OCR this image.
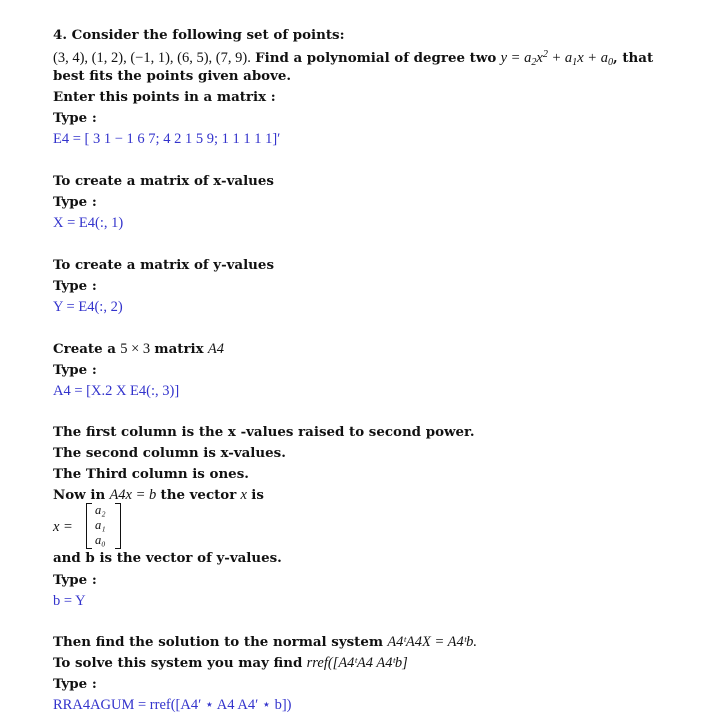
4. Consider the following set of points:
(3, 4), (1, 2), (−1, 1), (6, 5), (7, 9). Find a polynomial of degree two $y = a_2x^2 + a_1x + a_0$, that
best fits the points given above.
Enter this points in a matrix :
Type :
E4 = [ 3 1 − 1 6 7; 4 2 1 5 9; 1 1 1 1 1]′
To create a matrix of x-values
Type :
X = E4(:, 1)
To create a matrix of y-values
Type :
Y = E4(:, 2)
Create a 5 × 3 matrix A4
Type :
A4 = [X.2 X E4(:, 3)]
The first column is the x -values raised to second power.
The second column is x-values.
The Third column is ones.
Now in A4x = b the vector x is
x =
a₂
a₁
a₀
and b is the vector of y-values.
Type :
b = Y
Then find the solution to the normal system A4ᵗA4X = A4ᵗb.
To solve this system you may find rref([A4ᵗA4 A4ᵗb]
Type :
RRA4AGUM = rref([A4′ ⋆ A4 A4′ ⋆ b])
